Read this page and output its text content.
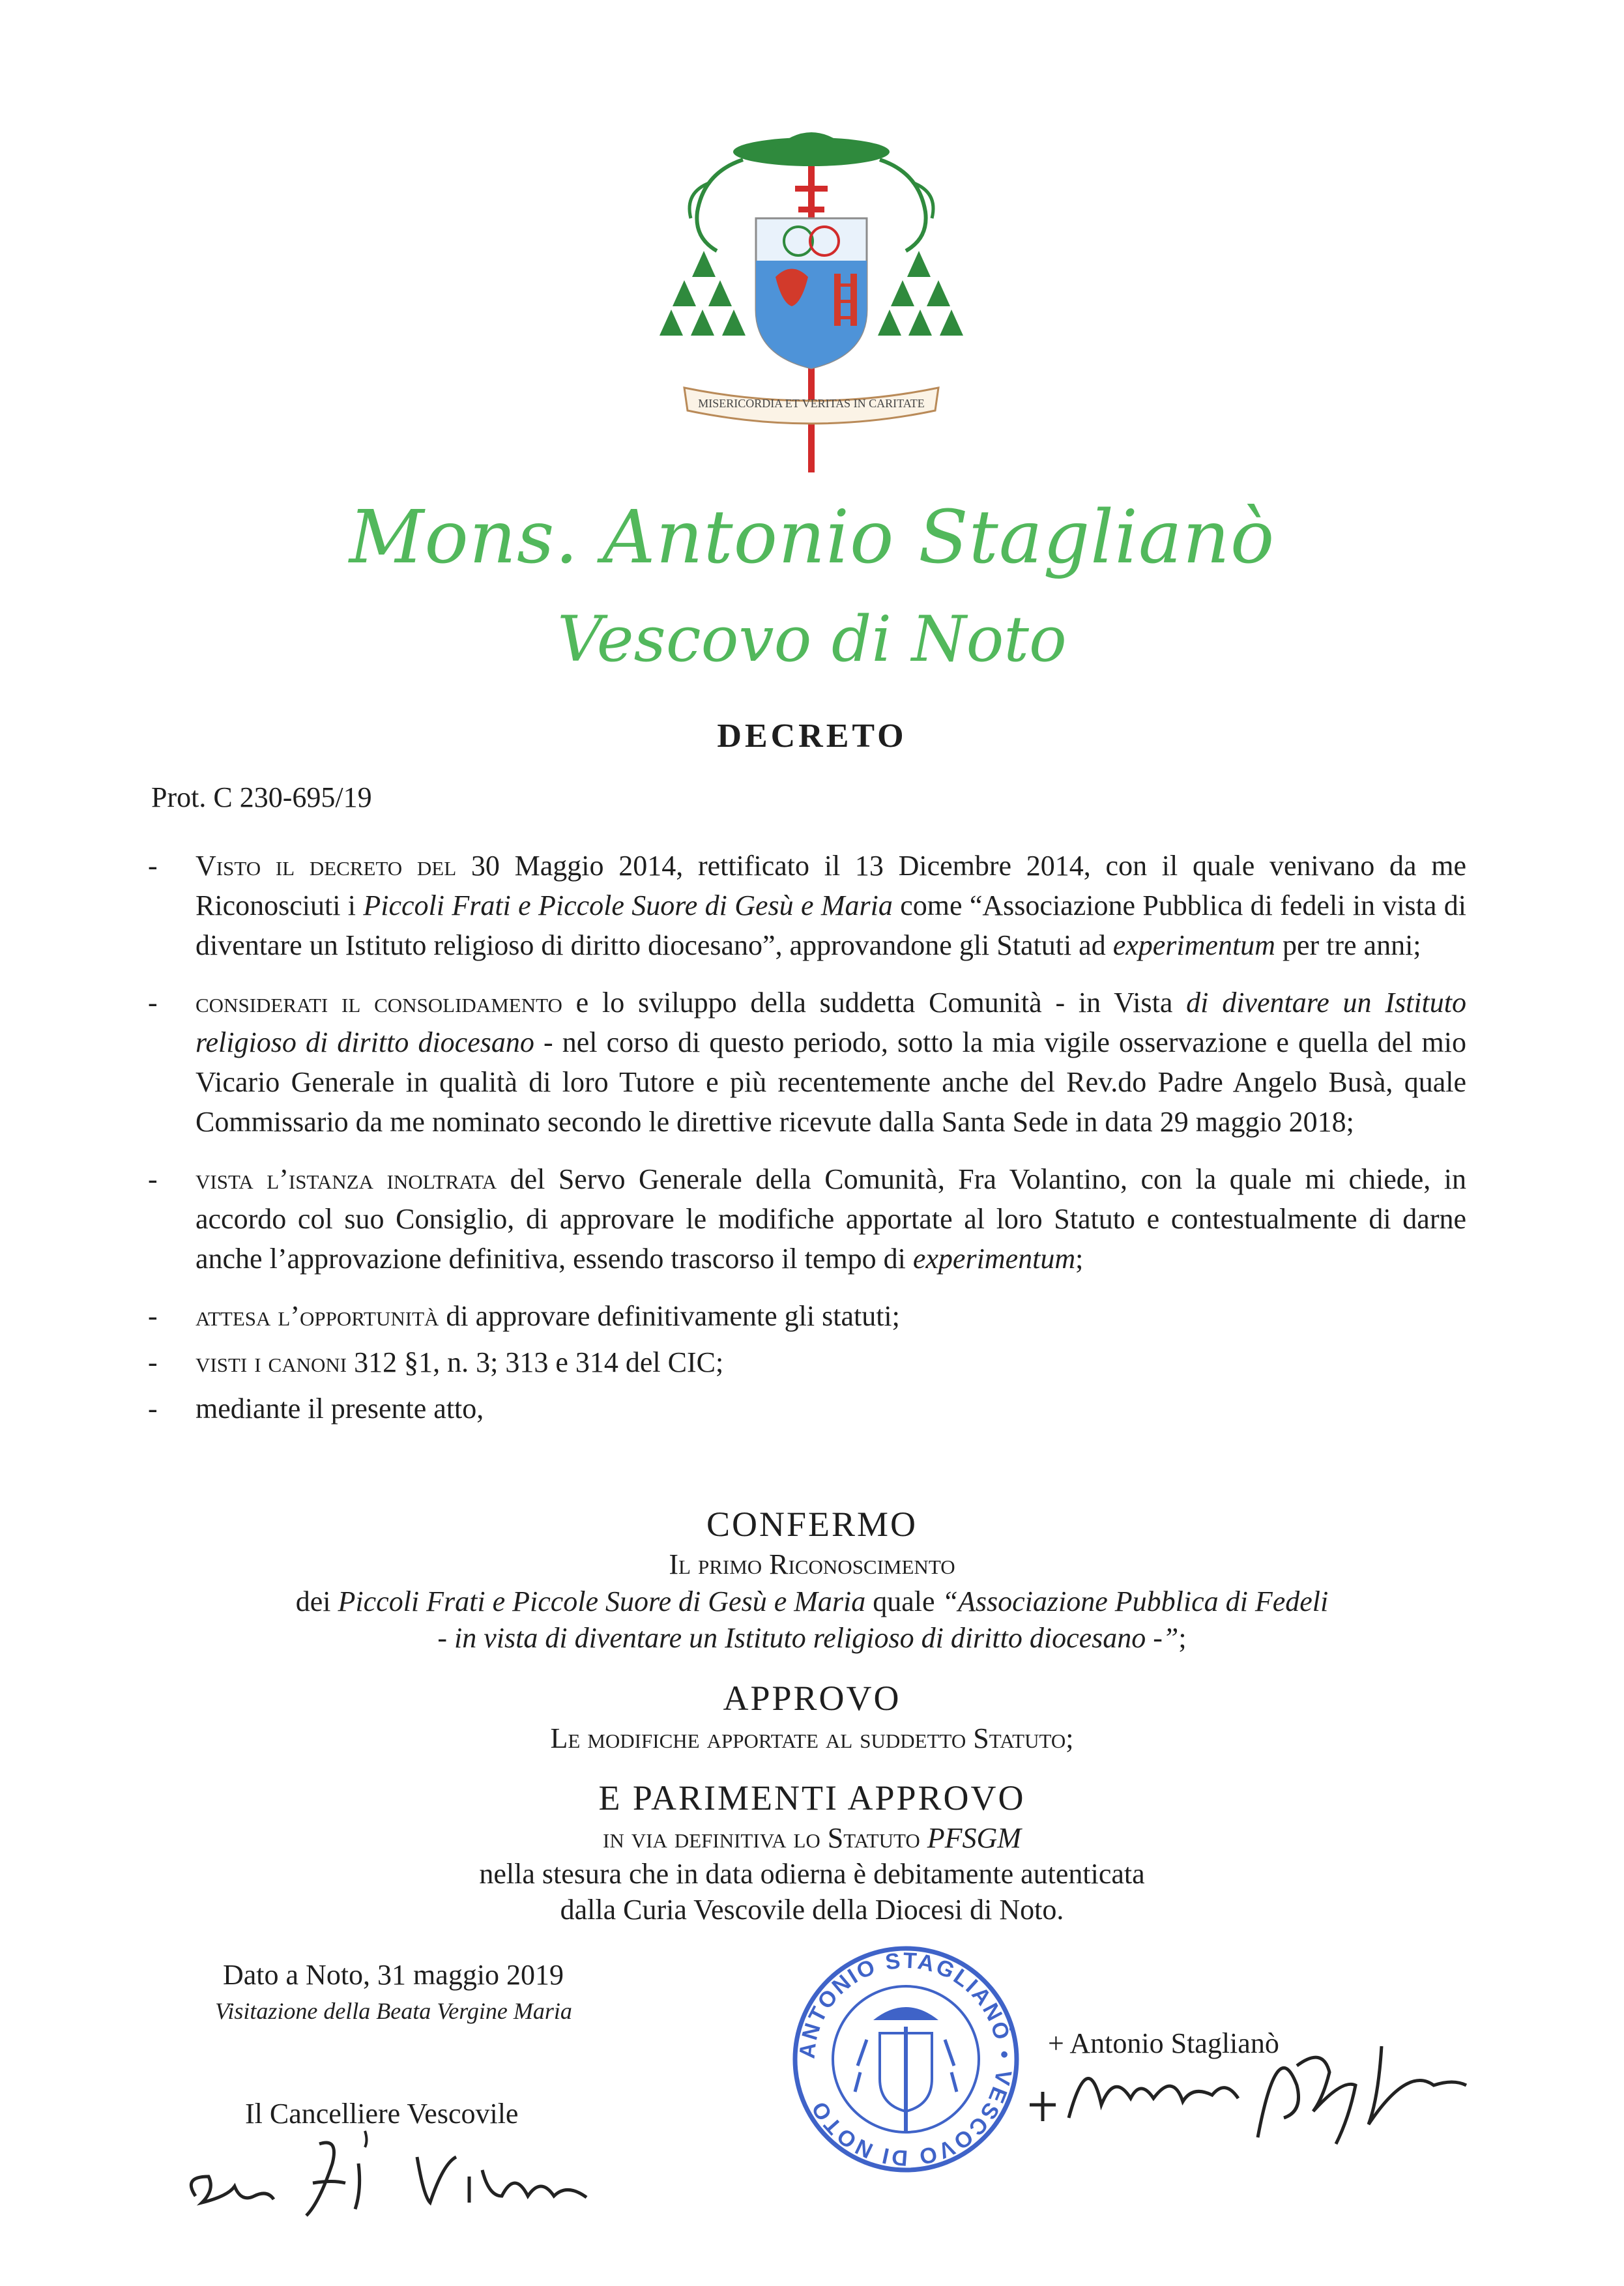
MISERICORDIA ET VERITAS IN CARITATE
Mons. Antonio Staglianò
Vescovo di Noto
DECRETO
Prot. C 230-695/19
- Visto il decreto del 30 Maggio 2014, rettificato il 13 Dicembre 2014, con il quale venivano da me Riconosciuti i Piccoli Frati e Piccole Suore di Gesù e Maria come “Associazione Pubblica di fedeli in vista di diventare un Istituto religioso di diritto diocesano”, approvandone gli Statuti ad experimentum per tre anni;
- considerati il consolidamento e lo sviluppo della suddetta Comunità - in Vista di diventare un Istituto religioso di diritto diocesano - nel corso di questo periodo, sotto la mia vigile osservazione e quella del mio Vicario Generale in qualità di loro Tutore e più recentemente anche del Rev.do Padre Angelo Busà, quale Commissario da me nominato secondo le direttive ricevute dalla Santa Sede in data 29 maggio 2018;
- vista l’istanza inoltrata del Servo Generale della Comunità, Fra Volantino, con la quale mi chiede, in accordo col suo Consiglio, di approvare le modifiche apportate al loro Statuto e contestualmente di darne anche l’approvazione definitiva, essendo trascorso il tempo di experimentum;
- attesa l’opportunità di approvare definitivamente gli statuti;
- visti i canoni 312 §1, n. 3; 313 e 314 del CIC;
- mediante il presente atto,
CONFERMO
Il primo Riconoscimento
dei Piccoli Frati e Piccole Suore di Gesù e Maria quale “Associazione Pubblica di Fedeli
- in vista di diventare un Istituto religioso di diritto diocesano -”;
APPROVO
Le modifiche apportate al suddetto Statuto;
E PARIMENTI APPROVO
in via definitiva lo Statuto PFSGM
nella stesura che in data odierna è debitamente autenticata
dalla Curia Vescovile della Diocesi di Noto.
Dato a Noto, 31 maggio 2019
Visitazione della Beata Vergine Maria
Il Cancelliere Vescovile
ANTONIO STAGLIANÒ • VESCOVO DI NOTO
+ Antonio Staglianò
